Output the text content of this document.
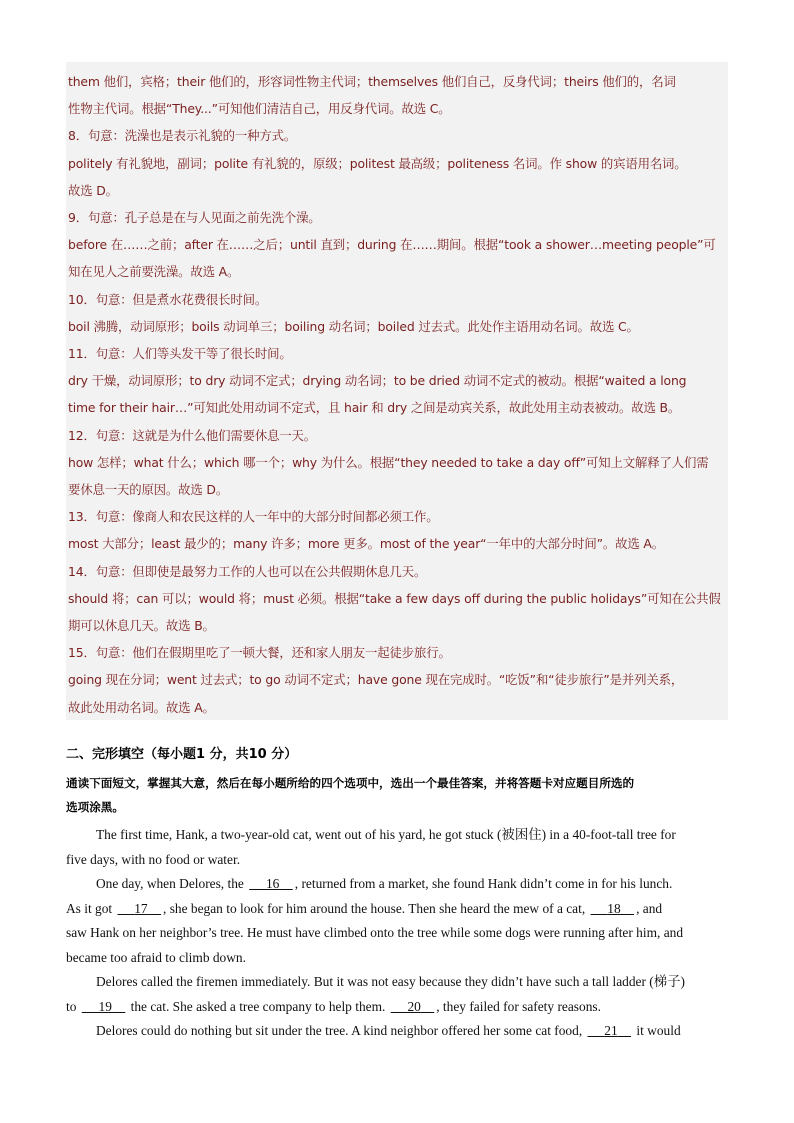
them 他们，宾格；their 他们的，形容词性物主代词；themselves 他们自己，反身代词；theirs 他们的，名词
性物主代词。根据“They...”可知他们清洁自己，用反身代词。故选 C。
8．句意：洗澡也是表示礼貌的一种方式。
politely 有礼貌地，副词；polite 有礼貌的，原级；politest 最高级；politeness 名词。作 show 的宾语用名词。
故选 D。
9．句意：孔子总是在与人见面之前先洗个澡。
before 在……之前；after 在……之后；until 直到；during 在……期间。根据“took a shower…meeting people”可
知在见人之前要洗澡。故选 A。
10．句意：但是煮水花费很长时间。
boil 沸腾，动词原形；boils 动词单三；boiling 动名词；boiled 过去式。此处作主语用动名词。故选 C。
11．句意：人们等头发干等了很长时间。
dry 干燥，动词原形；to dry 动词不定式；drying 动名词；to be dried 动词不定式的被动。根据“waited a long
time for their hair…”可知此处用动词不定式，且 hair 和 dry 之间是动宾关系，故此处用主动表被动。故选 B。
12．句意：这就是为什么他们需要休息一天。
how 怎样；what 什么；which 哪一个；why 为什么。根据“they needed to take a day off”可知上文解释了人们需
要休息一天的原因。故选 D。
13．句意：像商人和农民这样的人一年中的大部分时间都必须工作。
most 大部分；least 最少的；many 许多；more 更多。most of the year“一年中的大部分时间”。故选 A。
14．句意：但即使是最努力工作的人也可以在公共假期休息几天。
should 将；can 可以；would 将；must 必须。根据“take a few days off during the public holidays”可知在公共假
期可以休息几天。故选 B。
15．句意：他们在假期里吃了一顿大餐，还和家人朋友一起徒步旅行。
going 现在分词；went 过去式；to go 动词不定式；have gone 现在完成时。“吃饭”和“徒步旅行”是并列关系，
故此处用动名词。故选 A。
二、完形填空（每小题1 分，共10 分）
通读下面短文，掌握其大意，然后在每小题所给的四个选项中，选出一个最佳答案，并将答题卡对应题目所选的
选项涂黑。
The first time, Hank, a two-year-old cat, went out of his yard, he got stuck (被困住) in a 40-foot-tall tree for
five days, with no food or water.
One day, when Delores, the      16 , returned from a market, she found Hank didn’t come in for his lunch.
As it got      17 , she began to look for him around the house. Then she heard the mew of a cat,      18 , and
saw Hank on her neighbor’s tree. He must have climbed onto the tree while some dogs were running after him, and
became too afraid to climb down.
Delores called the firemen immediately. But it was not easy because they didn’t have such a tall ladder (梯子)
to      19     the cat. She asked a tree company to help them.      20 , they failed for safety reasons.
Delores could do nothing but sit under the tree. A kind neighbor offered her some cat food,      21     it would
